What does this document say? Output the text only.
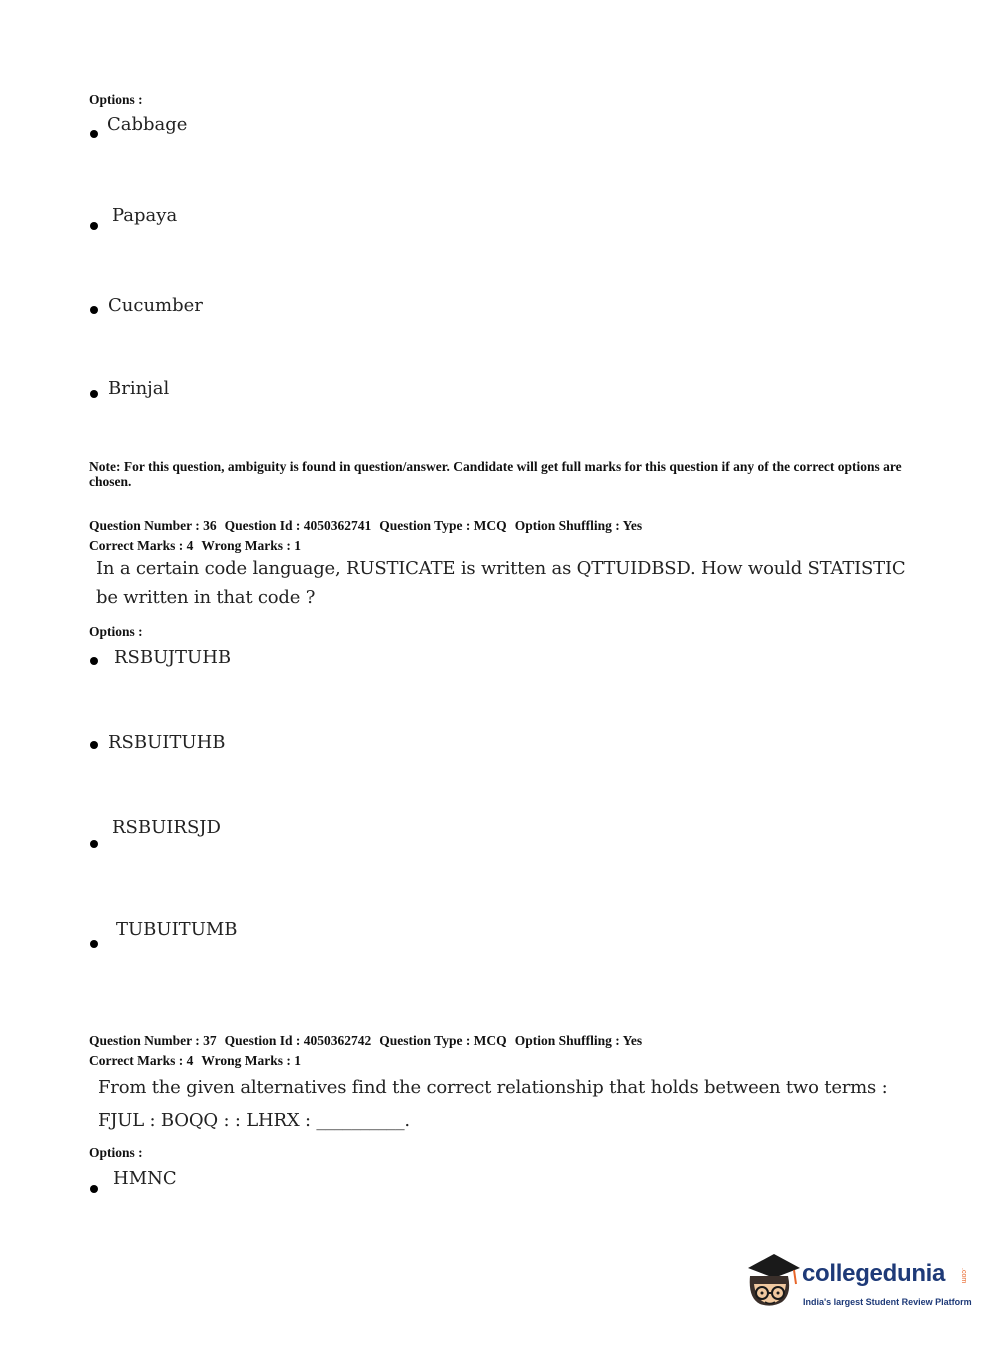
Options :
Cabbage
Papaya
Cucumber
Brinjal
Note: For this question, ambiguity is found in question/answer. Candidate will get full marks for this question if any of the correct options are chosen.
Question Number : 36 Question Id : 4050362741 Question Type : MCQ Option Shuffling : Yes
Correct Marks : 4 Wrong Marks : 1
In a certain code language, RUSTICATE is written as QTTUIDBSD. How would STATISTIC
be written in that code ?
Options :
RSBUJTUHB
RSBUITUHB
RSBUIRSJD
TUBUITUMB
Question Number : 37 Question Id : 4050362742 Question Type : MCQ Option Shuffling : Yes
Correct Marks : 4 Wrong Marks : 1
From the given alternatives find the correct relationship that holds between two terms :
FJUL : BOQQ : : LHRX : __________.
Options :
HMNC
collegedunia .com
India's largest Student Review Platform
